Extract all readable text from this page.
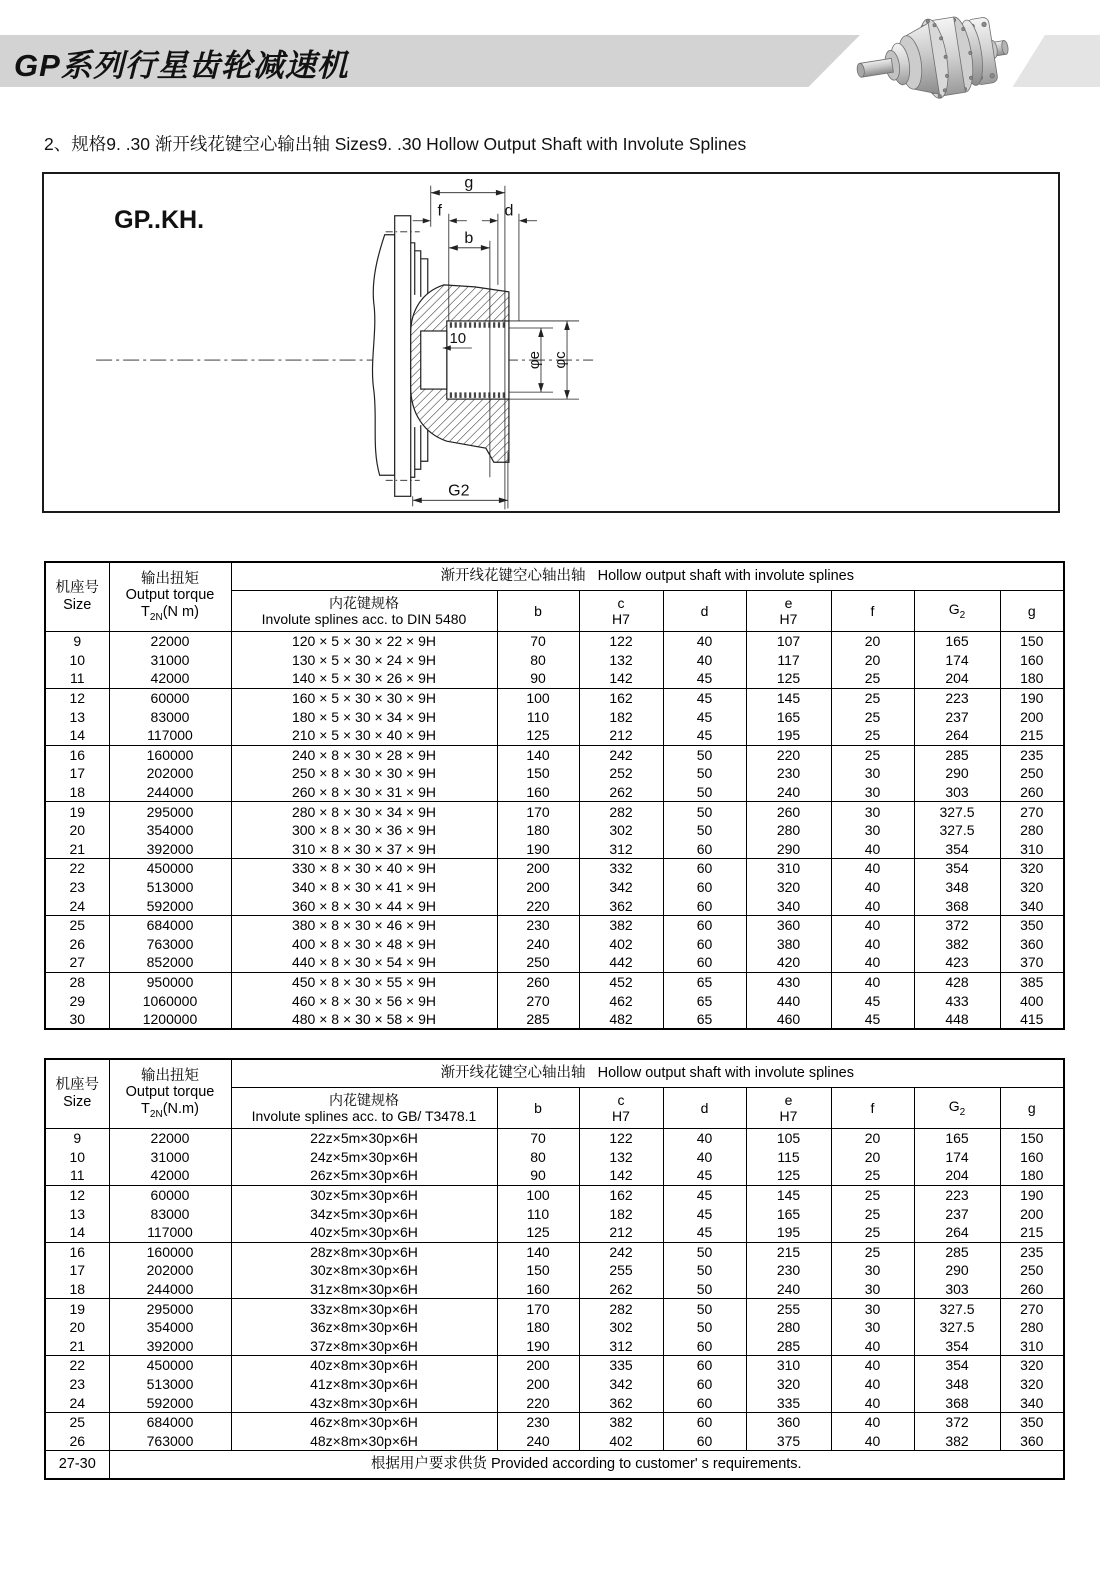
GP系列行星齿轮减速机
2、规格9. .30 渐开线花键空心输出轴 Sizes9. .30 Hollow Output Shaft with Involute Splines
GP..KH.
g
f	d
b
10
G2
φe φc
机座号
Size	输出扭矩
Output torque
$T_{2N}(N$ m)	渐开线花键空心轴出轴   Hollow output shaft with involute splines							
		内花键规格
Involute splines acc. to DIN 5480	b	c
H7	d	e
H7	f	$G_2$	g
9	22000	120 × 5 × 30 × 22 × 9H	70	122	40	107	20	165	150
10	31000	130 × 5 × 30 × 24 × 9H	80	132	40	117	20	174	160
11	42000	140 × 5 × 30 × 26 × 9H	90	142	45	125	25	204	180
12	60000	160 × 5 × 30 × 30 × 9H	100	162	45	145	25	223	190
13	83000	180 × 5 × 30 × 34 × 9H	110	182	45	165	25	237	200
14	117000	210 × 5 × 30 × 40 × 9H	125	212	45	195	25	264	215
16	160000	240 × 8 × 30 × 28 × 9H	140	242	50	220	25	285	235
17	202000	250 × 8 × 30 × 30 × 9H	150	252	50	230	30	290	250
18	244000	260 × 8 × 30 × 31 × 9H	160	262	50	240	30	303	260
19	295000	280 × 8 × 30 × 34 × 9H	170	282	50	260	30	327.5	270
20	354000	300 × 8 × 30 × 36 × 9H	180	302	50	280	30	327.5	280
21	392000	310 × 8 × 30 × 37 × 9H	190	312	60	290	40	354	310
22	450000	330 × 8 × 30 × 40 × 9H	200	332	60	310	40	354	320
23	513000	340 × 8 × 30 × 41 × 9H	200	342	60	320	40	348	320
24	592000	360 × 8 × 30 × 44 × 9H	220	362	60	340	40	368	340
25	684000	380 × 8 × 30 × 46 × 9H	230	382	60	360	40	372	350
26	763000	400 × 8 × 30 × 48 × 9H	240	402	60	380	40	382	360
27	852000	440 × 8 × 30 × 54 × 9H	250	442	60	420	40	423	370
28	950000	450 × 8 × 30 × 55 × 9H	260	452	65	430	40	428	385
29	1060000	460 × 8 × 30 × 56 × 9H	270	462	65	440	45	433	400
30	1200000	480 × 8 × 30 × 58 × 9H	285	482	65	460	45	448	415
机座号
Size	输出扭矩
Output torque
$T_{2N}(N.m)$	渐开线花键空心轴出轴   Hollow output shaft with involute splines							
		内花键规格
Involute splines acc. to GB/ T3478.1	b	c
H7	d	e
H7	f	$G_2$	g
9	22000	22z×5m×30p×6H	70	122	40	105	20	165	150
10	31000	24z×5m×30p×6H	80	132	40	115	20	174	160
11	42000	26z×5m×30p×6H	90	142	45	125	25	204	180
12	60000	30z×5m×30p×6H	100	162	45	145	25	223	190
13	83000	34z×5m×30p×6H	110	182	45	165	25	237	200
14	117000	40z×5m×30p×6H	125	212	45	195	25	264	215
16	160000	28z×8m×30p×6H	140	242	50	215	25	285	235
17	202000	30z×8m×30p×6H	150	255	50	230	30	290	250
18	244000	31z×8m×30p×6H	160	262	50	240	30	303	260
19	295000	33z×8m×30p×6H	170	282	50	255	30	327.5	270
20	354000	36z×8m×30p×6H	180	302	50	280	30	327.5	280
21	392000	37z×8m×30p×6H	190	312	60	285	40	354	310
22	450000	40z×8m×30p×6H	200	335	60	310	40	354	320
23	513000	41z×8m×30p×6H	200	342	60	320	40	348	320
24	592000	43z×8m×30p×6H	220	362	60	335	40	368	340
25	684000	46z×8m×30p×6H	230	382	60	360	40	372	350
26	763000	48z×8m×30p×6H	240	402	60	375	40	382	360
27-30	根据用户要求供货 Provided according to customer' s requirements.								
